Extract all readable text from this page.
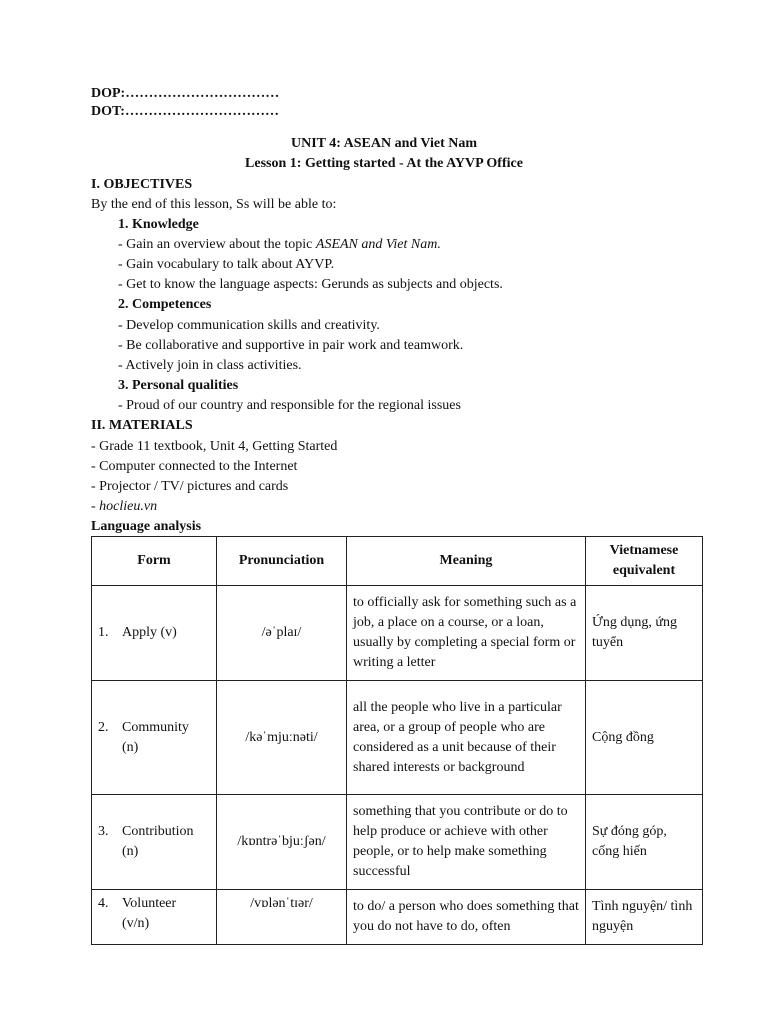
DOP:……………………………
DOT:……………………………
UNIT 4: ASEAN and Viet Nam
Lesson 1: Getting started - At the AYVP Office
I. OBJECTIVES
By the end of this lesson, Ss will be able to:
1. Knowledge
- Gain an overview about the topic ASEAN and Viet Nam.
- Gain vocabulary to talk about AYVP.
- Get to know the language aspects: Gerunds as subjects and objects.
2. Competences
- Develop communication skills and creativity.
- Be collaborative and supportive in pair work and teamwork.
- Actively join in class activities.
3. Personal qualities
- Proud of our country and responsible for the regional issues
II. MATERIALS
- Grade 11 textbook, Unit 4, Getting Started
- Computer connected to the Internet
- Projector / TV/ pictures and cards
- hoclieu.vn
Language analysis
Form	Pronunciation	Meaning	Vietnamese equivalent
1. Apply (v)	/əˈplaɪ/	to officially ask for something such as a job, a place on a course, or a loan, usually by completing a special form or writing a letter	Ứng dụng, ứng tuyển
2. Community (n)	/kəˈmjuːnəti/	all the people who live in a particular area, or a group of people who are considered as a unit because of their shared interests or background	Cộng đồng
3. Contribution (n)	/kɒntrəˈbjuːʃən/	something that you contribute or do to help produce or achieve with other people, or to help make something successful	Sự đóng góp, cống hiến
4. Volunteer (v/n)	/vɒlənˈtɪər/	to do/ a person who does something that you do not have to do, often	Tình nguyện/ tình nguyện
